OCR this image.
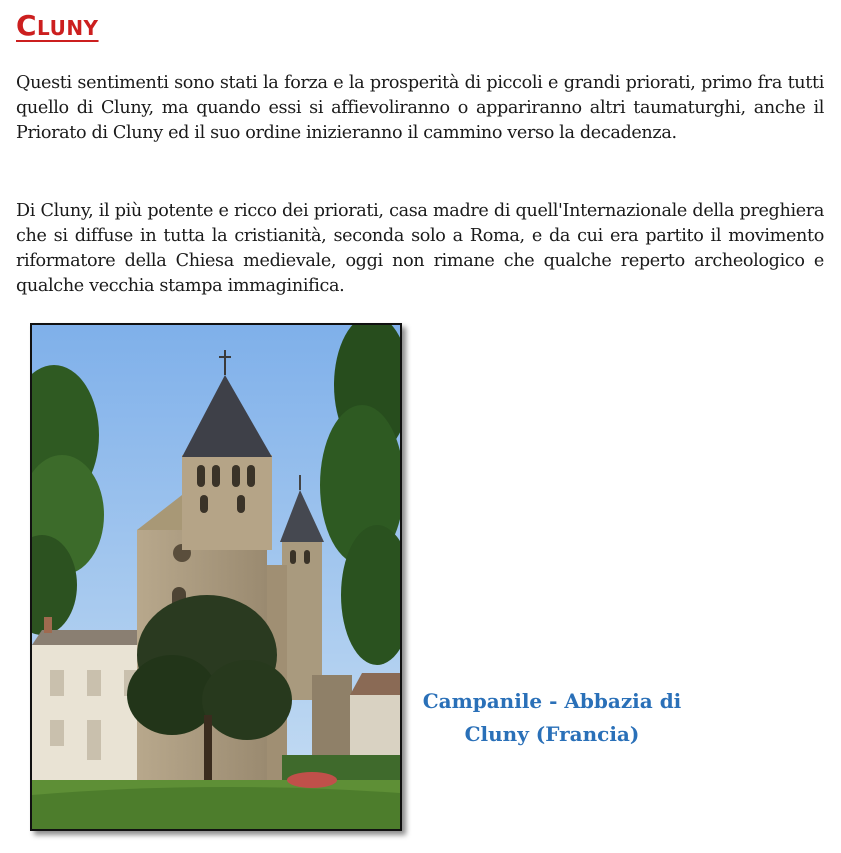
Cluny

Questi sentimenti sono stati la forza e la prosperità di piccoli e grandi priorati, primo fra tutti quello di Cluny, ma quando essi si affievoliranno o appariranno altri taumaturghi, anche il Priorato di Cluny ed il suo ordine inizieranno il cammino verso la decadenza.

Di Cluny, il più potente e ricco dei priorati, casa madre di quell'Internazionale della preghiera che si diffuse in tutta la cristianità, seconda solo a Roma, e da cui era partito il movimento riformatore della Chiesa medievale, oggi non rimane che qualche reperto archeologico e qualche vecchia stampa immaginifica.

Campanile - Abbazia di
Cluny (Francia)
